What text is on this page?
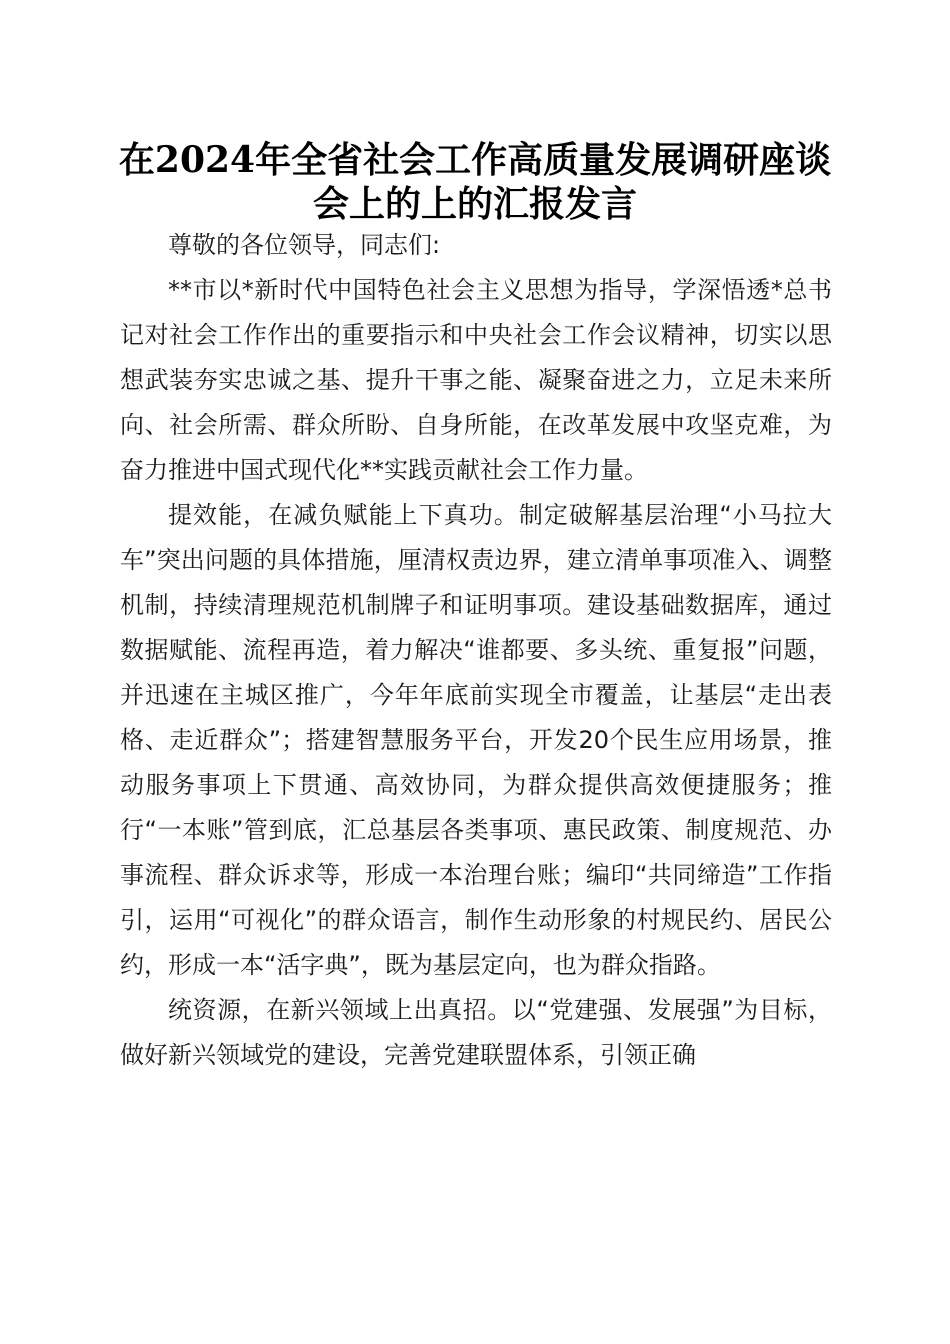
在2024年全省社会工作高质量发展调研座谈
会上的上的汇报发言

尊敬的各位领导，同志们:

**市以*新时代中国特色社会主义思想为指导，学深悟透*总书记对社会工作作出的重要指示和中央社会工作会议精神，切实以思想武装夯实忠诚之基、提升干事之能、凝聚奋进之力，立足未来所向、社会所需、群众所盼、自身所能，在改革发展中攻坚克难，为奋力推进中国式现代化**实践贡献社会工作力量。

提效能，在减负赋能上下真功。制定破解基层治理“小马拉大车”突出问题的具体措施，厘清权责边界，建立清单事项准入、调整机制，持续清理规范机制牌子和证明事项。建设基础数据库，通过数据赋能、流程再造，着力解决“谁都要、多头统、重复报”问题，并迅速在主城区推广，今年年底前实现全市覆盖，让基层“走出表格、走近群众”；搭建智慧服务平台，开发20个民生应用场景，推动服务事项上下贯通、高效协同，为群众提供高效便捷服务；推行“一本账”管到底，汇总基层各类事项、惠民政策、制度规范、办事流程、群众诉求等，形成一本治理台账；编印“共同缔造”工作指引，运用“可视化”的群众语言，制作生动形象的村规民约、居民公约，形成一本“活字典”，既为基层定向，也为群众指路。

统资源，在新兴领域上出真招。以“党建强、发展强”为目标，做好新兴领域党的建设，完善党建联盟体系，引领正确
